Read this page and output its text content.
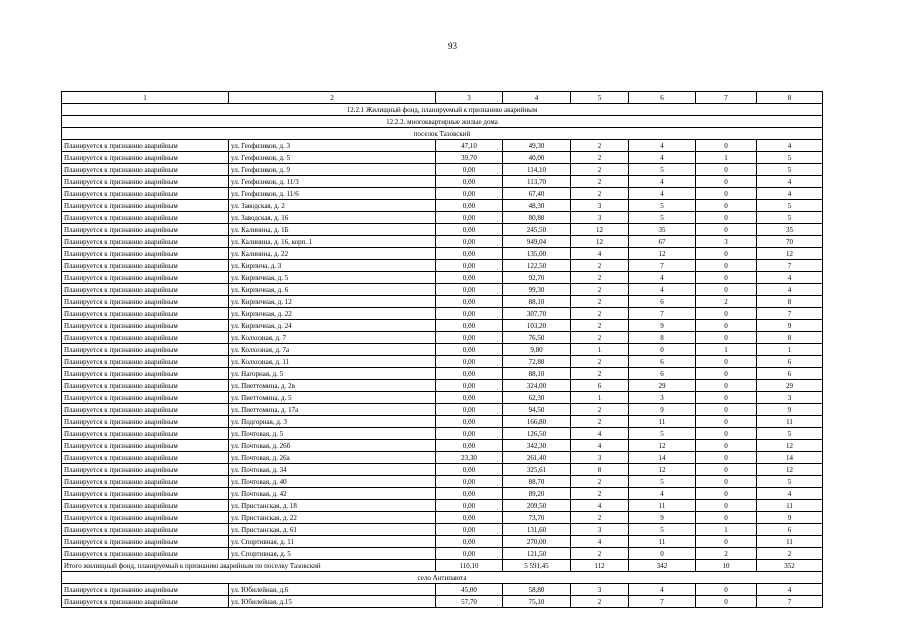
93
1	2	3	4	5	6	7	8
12.2.1 Жилищный фонд, планируемый к признанию аварийным							
12.2.2. многоквартирные жилые дома							
поселок Тазовский							
Планируется к признанию аварийным	ул. Геофизиков, д. 3	47,10	49,30	2	4	0	4
Планируется к признанию аварийным	ул. Геофизиков, д. 5	39,70	40,00	2	4	1	5
Планируется к признанию аварийным	ул. Геофизиков, д. 9	0,00	114,10	2	5	0	5
Планируется к признанию аварийным	ул. Геофизиков, д. 11/3	0,00	113,70	2	4	0	4
Планируется к признанию аварийным	ул. Геофизиков, д. 11/6	0,00	67,40	2	4	0	4
Планируется к признанию аварийным	ул. Заводская, д. 2	0,00	48,30	3	5	0	5
Планируется к признанию аварийным	ул. Заводская, д. 16	0,00	80,80	3	5	0	5
Планируется к признанию аварийным	ул. Калинина, д. 1Б	0,00	245,50	12	35	0	35
Планируется к признанию аварийным	ул. Калинина, д. 16, корп. 1	0,00	949,04	12	67	3	70
Планируется к признанию аварийным	ул. Калинина, д. 22	0,00	135,00	4	12	0	12
Планируется к признанию аварийным	ул. Кирпича, д. 3	0,00	122,50	2	7	0	7
Планируется к признанию аварийным	ул. Кирпичная, д. 5	0,00	92,70	2	4	0	4
Планируется к признанию аварийным	ул. Кирпичная, д. 6	0,00	99,30	2	4	0	4
Планируется к признанию аварийным	ул. Кирпичная, д. 12	0,00	88,10	2	6	2	8
Планируется к признанию аварийным	ул. Кирпичная, д. 22	0,00	307,70	2	7	0	7
Планируется к признанию аварийным	ул. Кирпичная, д. 24	0,00	103,20	2	9	0	9
Планируется к признанию аварийным	ул. Колхозная, д. 7	0,00	76,50	2	8	0	8
Планируется к признанию аварийным	ул. Колхозная, д. 7а	0,00	9,80	1	0	1	1
Планируется к признанию аварийным	ул. Колхозная, д. 11	0,00	72,80	2	6	0	6
Планируется к признанию аварийным	ул. Нагорная, д. 5	0,00	88,10	2	6	0	6
Планируется к признанию аварийным	ул. Пиеттомина, д. 2в	0,00	324,00	6	29	0	29
Планируется к признанию аварийным	ул. Пиеттомина, д. 5	0,00	62,30	1	3	0	3
Планируется к признанию аварийным	ул. Пиеттомина, д. 17а	0,00	94,50	2	9	0	9
Планируется к признанию аварийным	ул. Подгорная, д. 3	0,00	166,80	2	11	0	11
Планируется к признанию аварийным	ул. Почтовая, д. 5	0,00	126,50	4	5	0	5
Планируется к признанию аварийным	ул. Почтовая, д. 26б	0,00	342,30	4	12	0	12
Планируется к признанию аварийным	ул. Почтовая, д. 26а	23,30	261,40	3	14	0	14
Планируется к признанию аварийным	ул. Почтовая, д. 34	0,00	325,61	8	12	0	12
Планируется к признанию аварийным	ул. Почтовая, д. 40	0,00	88,70	2	5	0	5
Планируется к признанию аварийным	ул. Почтовая, д. 42	0,00	89,20	2	4	0	4
Планируется к признанию аварийным	ул. Пристанская, д. 18	0,00	209,50	4	11	0	11
Планируется к признанию аварийным	ул. Пристанская, д. 22	0,00	73,70	2	9	0	9
Планируется к признанию аварийным	ул. Пристанская, д. 61	0,00	131,60	3	5	1	6
Планируется к признанию аварийным	ул. Спортивная, д. 11	0,00	270,00	4	11	0	11
Планируется к признанию аварийным	ул. Спортивная, д. 5	0,00	121,50	2	0	2	2
Итого жилищный фонд, планируемый к признанию аварийным по поселку Тазовский		110,10	5 591,45	112	342	10	352
село Антипаюта							
Планируется к признанию аварийным	ул. Юбилейная, д.6	45,00	58,80	3	4	0	4
Планируется к признанию аварийным	ул. Юбилейная, д.15	57,70	75,10	2	7	0	7
